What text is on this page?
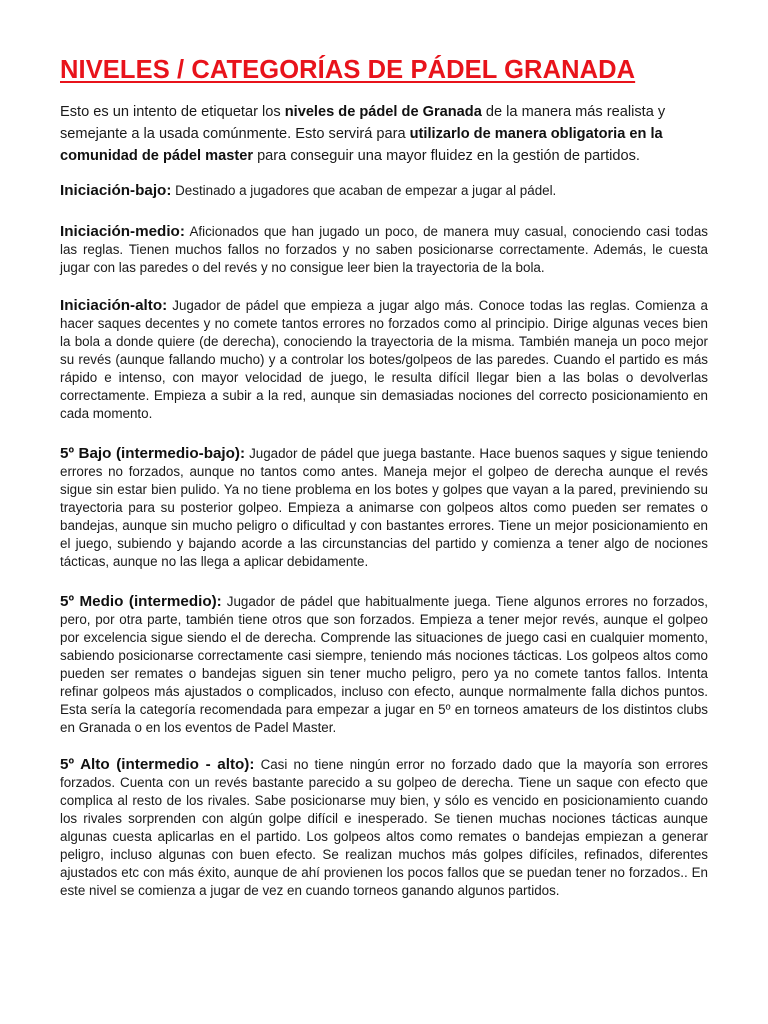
NIVELES / CATEGORÍAS DE PÁDEL GRANADA

Esto es un intento de etiquetar los niveles de pádel de Granada de la manera más realista y semejante a la usada comúnmente. Esto servirá para utilizarlo de manera obligatoria en la comunidad de pádel master para conseguir una mayor fluidez en la gestión de partidos.

Iniciación-bajo: Destinado a jugadores que acaban de empezar a jugar al pádel.

Iniciación-medio: Aficionados que han jugado un poco, de manera muy casual, conociendo casi todas las reglas. Tienen muchos fallos no forzados y no saben posicionarse correctamente. Además, le cuesta jugar con las paredes o del revés y no consigue leer bien la trayectoria de la bola.

Iniciación-alto: Jugador de pádel que empieza a jugar algo más. Conoce todas las reglas. Comienza a hacer saques decentes y no comete tantos errores no forzados como al principio. Dirige algunas veces bien la bola a donde quiere (de derecha), conociendo la trayectoria de la misma. También maneja un poco mejor su revés (aunque fallando mucho) y a controlar los botes/golpeos de las paredes. Cuando el partido es más rápido e intenso, con mayor velocidad de juego, le resulta difícil llegar bien a las bolas o devolverlas correctamente. Empieza a subir a la red, aunque sin demasiadas nociones del correcto posicionamiento en cada momento.

5º Bajo (intermedio-bajo): Jugador de pádel que juega bastante. Hace buenos saques y sigue teniendo errores no forzados, aunque no tantos como antes. Maneja mejor el golpeo de derecha aunque el revés sigue sin estar bien pulido. Ya no tiene problema en los botes y golpes que vayan a la pared, previniendo su trayectoria para su posterior golpeo. Empieza a animarse con golpeos altos como pueden ser remates o bandejas, aunque sin mucho peligro o dificultad y con bastantes errores. Tiene un mejor posicionamiento en el juego, subiendo y bajando acorde a las circunstancias del partido y comienza a tener algo de nociones tácticas, aunque no las llega a aplicar debidamente.

5º Medio (intermedio): Jugador de pádel que habitualmente juega. Tiene algunos errores no forzados, pero, por otra parte, también tiene otros que son forzados. Empieza a tener mejor revés, aunque el golpeo por excelencia sigue siendo el de derecha. Comprende las situaciones de juego casi en cualquier momento, sabiendo posicionarse correctamente casi siempre, teniendo más nociones tácticas. Los golpeos altos como pueden ser remates o bandejas siguen sin tener mucho peligro, pero ya no comete tantos fallos. Intenta refinar golpeos más ajustados o complicados, incluso con efecto, aunque normalmente falla dichos puntos. Esta sería la categoría recomendada para empezar a jugar en 5º en torneos amateurs de los distintos clubs en Granada o en los eventos de Padel Master.

5º Alto (intermedio - alto): Casi no tiene ningún error no forzado dado que la mayoría son errores forzados. Cuenta con un revés bastante parecido a su golpeo de derecha. Tiene un saque con efecto que complica al resto de los rivales. Sabe posicionarse muy bien, y sólo es vencido en posicionamiento cuando los rivales sorprenden con algún golpe difícil e inesperado. Se tienen muchas nociones tácticas aunque algunas cuesta aplicarlas en el partido. Los golpeos altos como remates o bandejas empiezan a generar peligro, incluso algunas con buen efecto. Se realizan muchos más golpes difíciles, refinados, diferentes ajustados etc con más éxito, aunque de ahí provienen los pocos fallos que se puedan tener no forzados.. En este nivel se comienza a jugar de vez en cuando torneos ganando algunos partidos.
